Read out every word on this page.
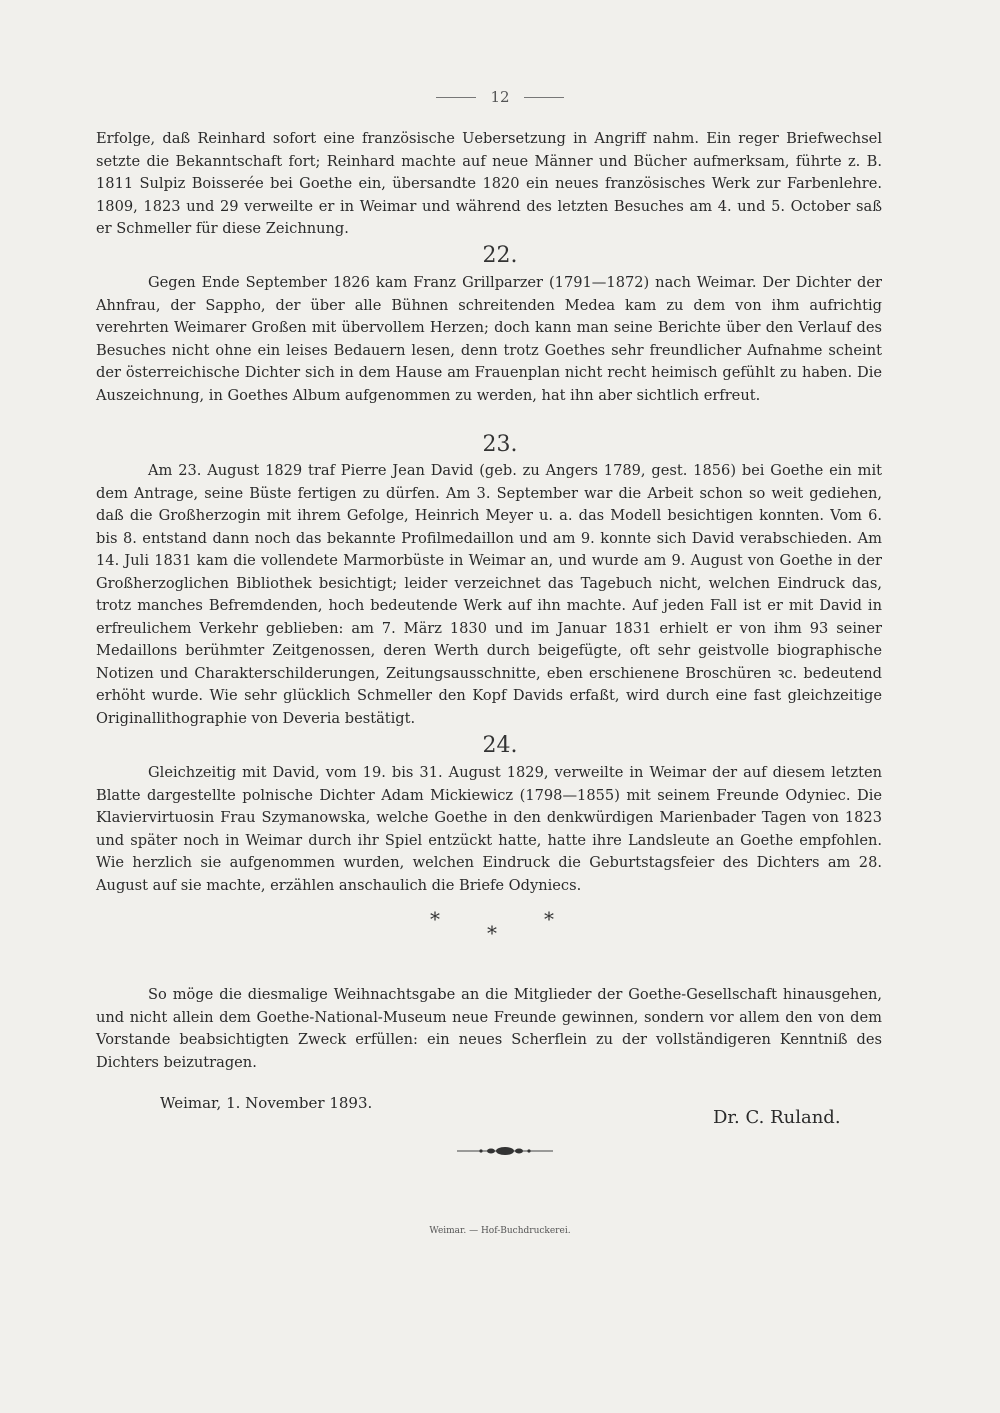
12

Erfolge, daß Reinhard sofort eine französische Uebersetzung in Angriff nahm. Ein reger Briefwechsel setzte die Bekanntschaft fort; Reinhard machte auf neue Männer und Bücher aufmerksam, führte z. B. 1811 Sulpiz Boisserée bei Goethe ein, übersandte 1820 ein neues französisches Werk zur Farbenlehre. 1809, 1823 und 29 verweilte er in Weimar und während des letzten Besuches am 4. und 5. October saß er Schmeller für diese Zeichnung.

22.

Gegen Ende September 1826 kam Franz Grillparzer (1791—1872) nach Weimar. Der Dichter der Ahnfrau, der Sappho, der über alle Bühnen schreitenden Medea kam zu dem von ihm aufrichtig verehrten Weimarer Großen mit übervollem Herzen; doch kann man seine Berichte über den Verlauf des Besuches nicht ohne ein leises Bedauern lesen, denn trotz Goethes sehr freundlicher Aufnahme scheint der österreichische Dichter sich in dem Hause am Frauenplan nicht recht heimisch gefühlt zu haben. Die Auszeichnung, in Goethes Album aufgenommen zu werden, hat ihn aber sichtlich erfreut.

23.

Am 23. August 1829 traf Pierre Jean David (geb. zu Angers 1789, gest. 1856) bei Goethe ein mit dem Antrage, seine Büste fertigen zu dürfen. Am 3. September war die Arbeit schon so weit gediehen, daß die Großherzogin mit ihrem Gefolge, Heinrich Meyer u. a. das Modell besichtigen konnten. Vom 6. bis 8. entstand dann noch das bekannte Profilmedaillon und am 9. konnte sich David verabschieden. Am 14. Juli 1831 kam die vollendete Marmorbüste in Weimar an, und wurde am 9. August von Goethe in der Großherzoglichen Bibliothek besichtigt; leider verzeichnet das Tagebuch nicht, welchen Eindruck das, trotz manches Befremdenden, hoch bedeutende Werk auf ihn machte. Auf jeden Fall ist er mit David in erfreulichem Verkehr geblieben: am 7. März 1830 und im Januar 1831 erhielt er von ihm 93 seiner Medaillons berühmter Zeitgenossen, deren Werth durch beigefügte, oft sehr geistvolle biographische Notizen und Charakterschilderungen, Zeitungsausschnitte, eben erschienene Broschüren ꝛc. bedeutend erhöht wurde. Wie sehr glücklich Schmeller den Kopf Davids erfaßt, wird durch eine fast gleichzeitige Originallithographie von Deveria bestätigt.

24.

Gleichzeitig mit David, vom 19. bis 31. August 1829, verweilte in Weimar der auf diesem letzten Blatte dargestellte polnische Dichter Adam Mickiewicz (1798—1855) mit seinem Freunde Odyniec. Die Klaviervirtuosin Frau Szymanowska, welche Goethe in den denkwürdigen Marienbader Tagen von 1823 und später noch in Weimar durch ihr Spiel entzückt hatte, hatte ihre Landsleute an Goethe empfohlen. Wie herzlich sie aufgenommen wurden, welchen Eindruck die Geburtstagsfeier des Dichters am 28. August auf sie machte, erzählen anschaulich die Briefe Odyniecs.

*	*
*

So möge die diesmalige Weihnachtsgabe an die Mitglieder der Goethe-Gesellschaft hinausgehen, und nicht allein dem Goethe-National-Museum neue Freunde gewinnen, sondern vor allem den von dem Vorstande beabsichtigten Zweck erfüllen: ein neues Scherflein zu der vollständigeren Kenntniß des Dichters beizutragen.

Weimar, 1. November 1893.
Dr. C. Ruland.
Weimar. — Hof-Buchdruckerei.
